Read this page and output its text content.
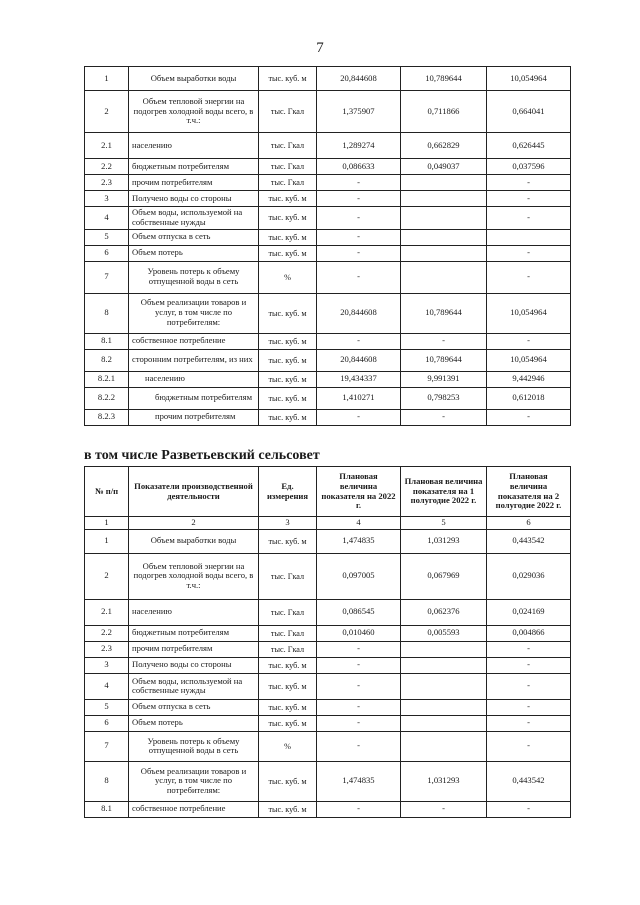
7
1	Объем выработки воды	тыс. куб. м	20,844608	10,789644	10,054964
2	Объем тепловой энергии на подогрев холодной воды всего, в т.ч.:	тыс. Гкал	1,375907	0,711866	0,664041
2.1	населению	тыс. Гкал	1,289274	0,662829	0,626445
2.2	бюджетным потребителям	тыс. Гкал	0,086633	0,049037	0,037596
2.3	прочим потребителям	тыс. Гкал	-		-
3	Получено воды со стороны	тыс. куб. м	-		-
4	Объем воды, используемой на собственные нужды	тыс. куб. м	-		-
5	Объем отпуска в сеть	тыс. куб. м	-		
6	Объем потерь	тыс. куб. м	-		-
7	Уровень потерь к объему отпущенной воды в сеть	%	-		-
8	Объем реализации товаров и услуг, в том числе по потребителям:	тыс. куб. м	20,844608	10,789644	10,054964
8.1	собственное потребление	тыс. куб. м	-	-	-
8.2	сторонним потребителям, из них	тыс. куб. м	20,844608	10,789644	10,054964
8.2.1	населению	тыс. куб. м	19,434337	9,991391	9,442946
8.2.2	бюджетным потребителям	тыс. куб. м	1,410271	0,798253	0,612018
8.2.3	прочим потребителям	тыс. куб. м	-	-	-
в том числе Разветьевский сельсовет
№ п/п	Показатели производственной деятельности	Ед. измерения	Плановая величина показателя на 2022 г.	Плановая величина показателя на 1 полугодие 2022 г.	Плановая величина показателя на 2 полугодие 2022 г.
1	2	3	4	5	6
1	Объем выработки воды	тыс. куб. м	1,474835	1,031293	0,443542
2	Объем тепловой энергии на подогрев холодной воды всего, в т.ч.:	тыс. Гкал	0,097005	0,067969	0,029036
2.1	населению	тыс. Гкал	0,086545	0,062376	0,024169
2.2	бюджетным потребителям	тыс. Гкал	0,010460	0,005593	0,004866
2.3	прочим потребителям	тыс. Гкал	-		-
3	Получено воды со стороны	тыс. куб. м	-		-
4	Объем воды, используемой на собственные нужды	тыс. куб. м	-		-
5	Объем отпуска в сеть	тыс. куб. м	-		-
6	Объем потерь	тыс. куб. м	-		-
7	Уровень потерь к объему отпущенной воды в сеть	%	-		-
8	Объем реализации товаров и услуг, в том числе по потребителям:	тыс. куб. м	1,474835	1,031293	0,443542
8.1	собственное потребление	тыс. куб. м	-	-	-
